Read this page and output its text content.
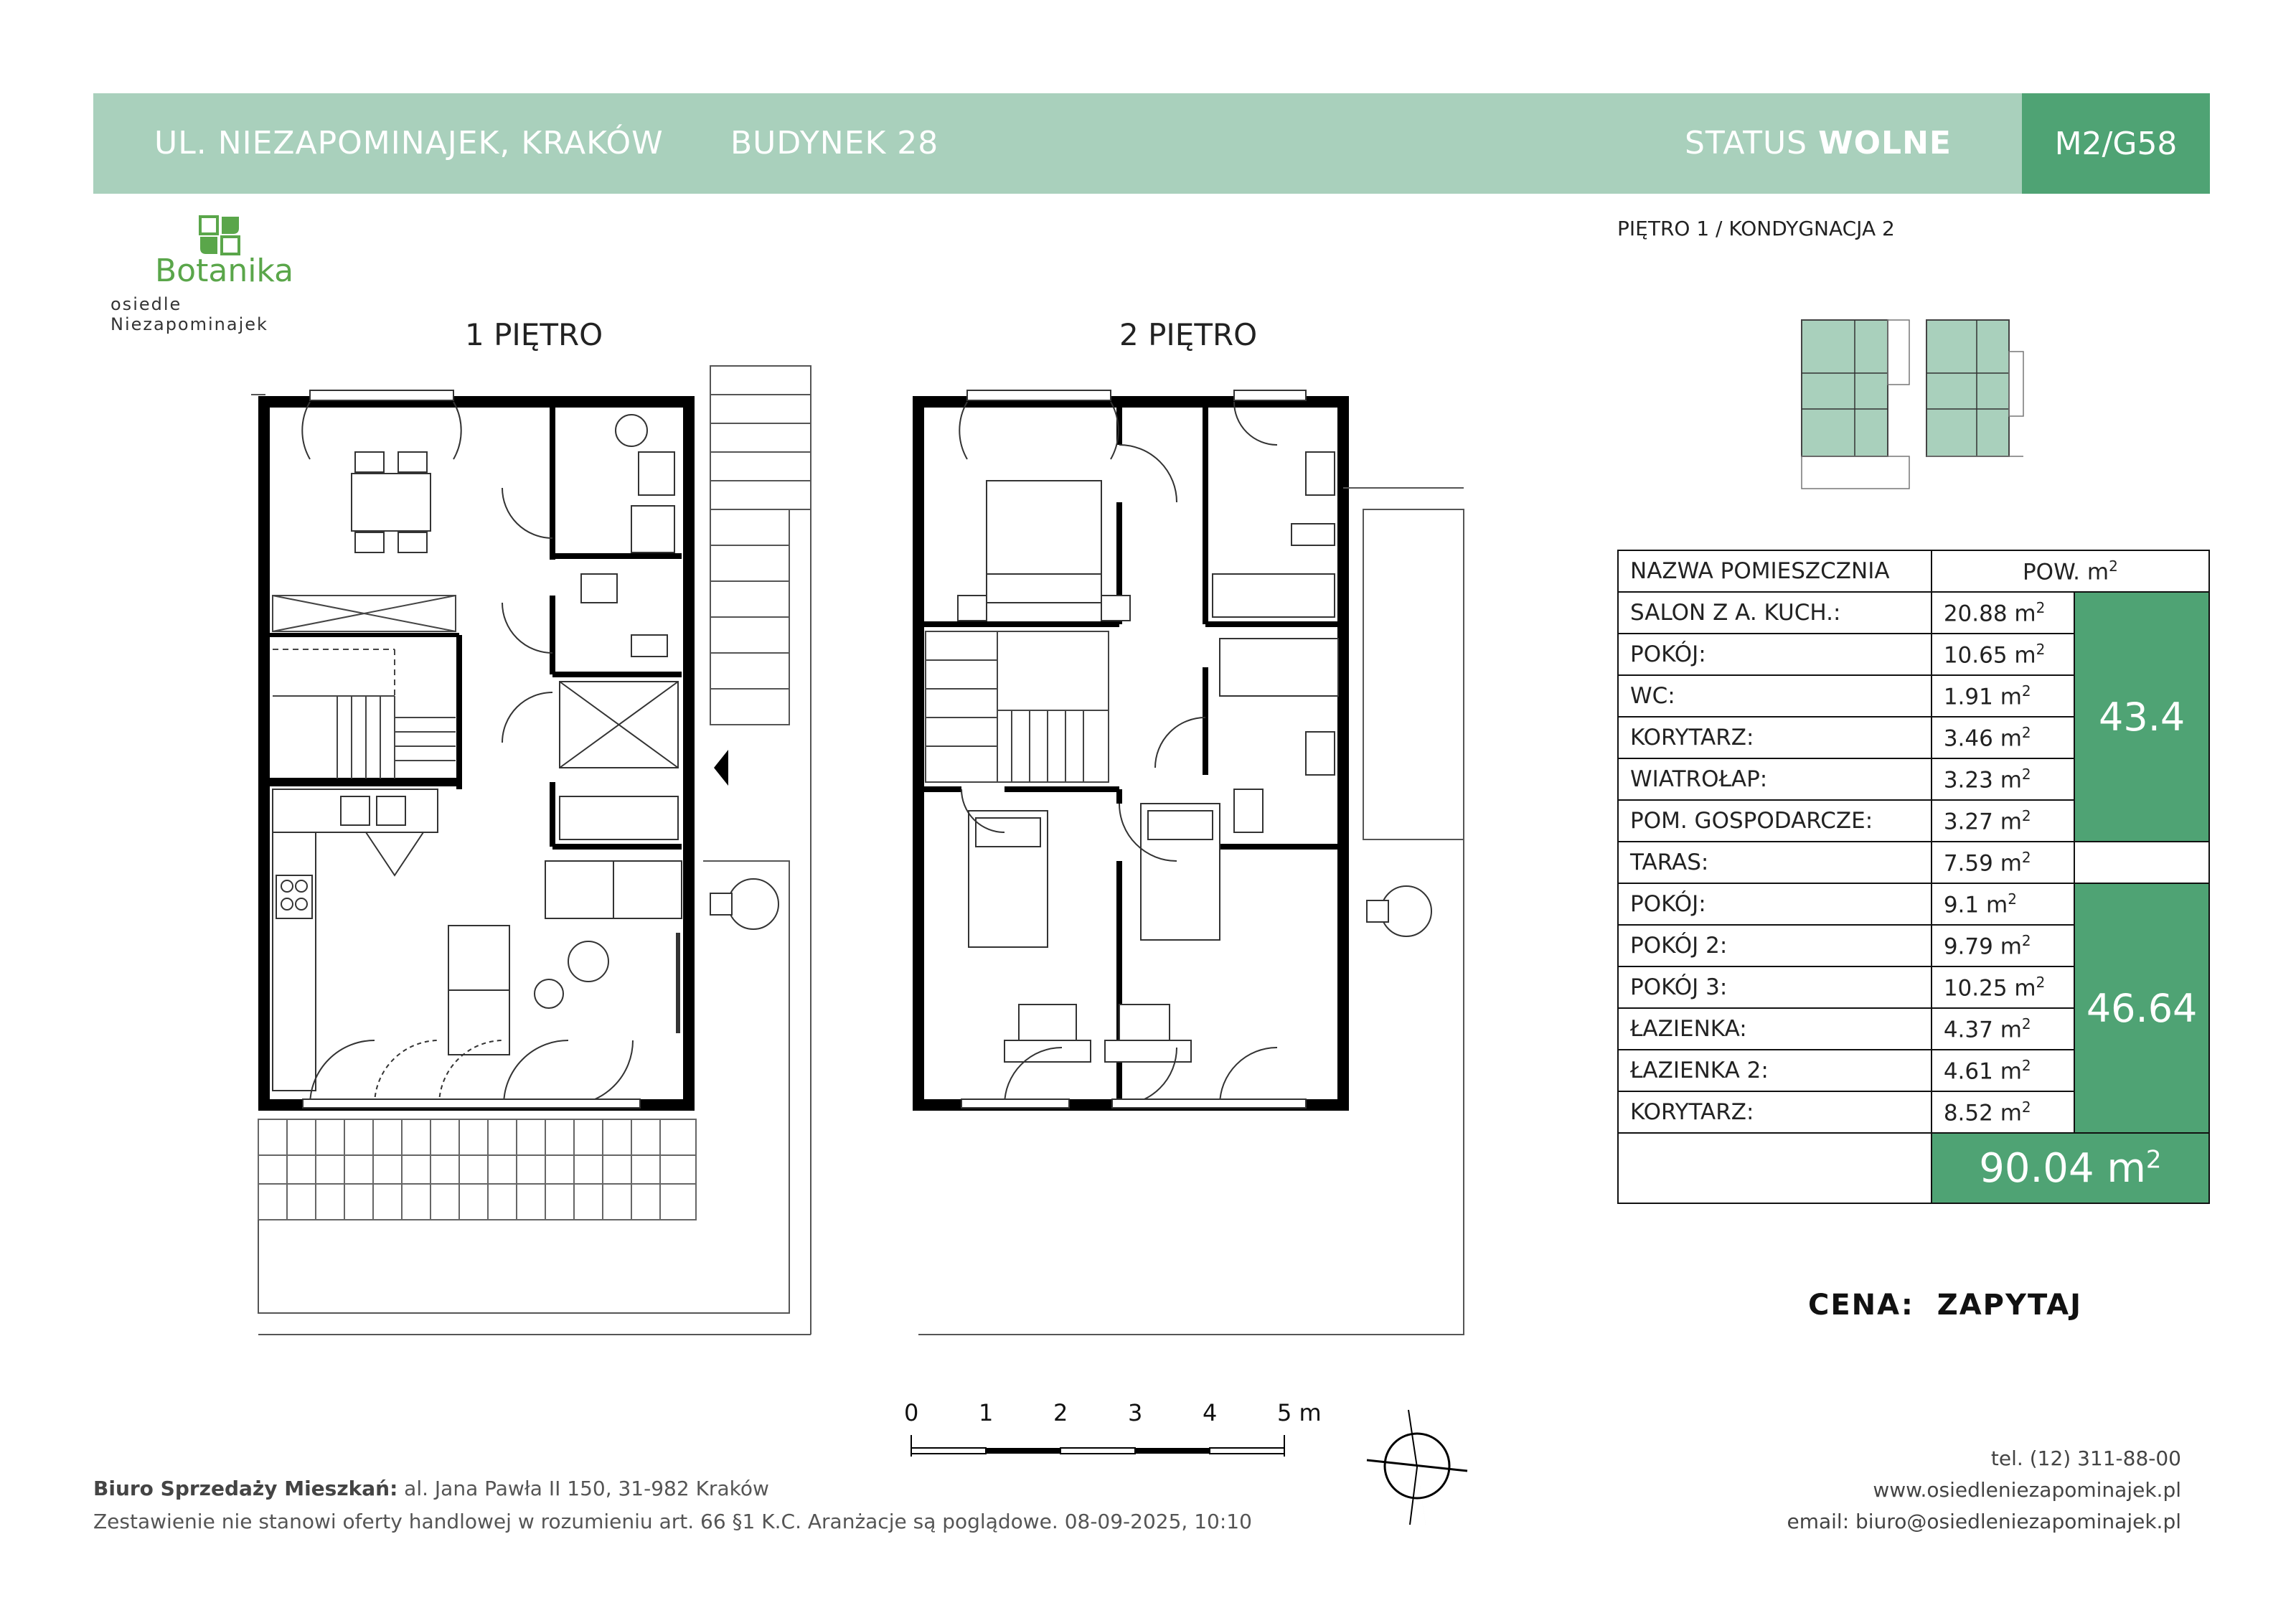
UL. NIEZAPOMINAJEK, KRAKÓW BUDYNEK 28	STATUS WOLNE	M2/G58
Botanika
osiedle Niezapominajek
PIĘTRO 1 / KONDYGNACJA 2
1 PIĘTRO	2 PIĘTRO
NAZWA POMIESZCZNIA	POW. $m^2$
SALON Z A. KUCH.:	20.88 $m^2$	43.4
POKÓJ:	10.65 $m^2$
WC:	1.91 $m^2$
KORYTARZ:	3.46 $m^2$
WIATROŁAP:	3.23 $m^2$
POM. GOSPODARCZE:	3.27 $m^2$
TARAS:	7.59 $m^2$	
POKÓJ:	9.1 $m^2$	46.64
POKÓJ 2:	9.79 $m^2$
POKÓJ 3:	10.25 $m^2$
ŁAZIENKA:	4.37 $m^2$
ŁAZIENKA 2:	4.61 $m^2$
KORYTARZ:	8.52 $m^2$
	90.04 $m^2$
CENA: ZAPYTAJ
0	1	2	3	4	5 m
Biuro Sprzedaży Mieszkań: al. Jana Pawła II 150, 31-982 Kraków
Zestawienie nie stanowi oferty handlowej w rozumieniu art. 66 §1 K.C. Aranżacje są poglądowe. 08-09-2025, 10:10
tel. (12) 311-88-00
www.osiedleniezapominajek.pl
email: biuro@osiedleniezapominajek.pl
